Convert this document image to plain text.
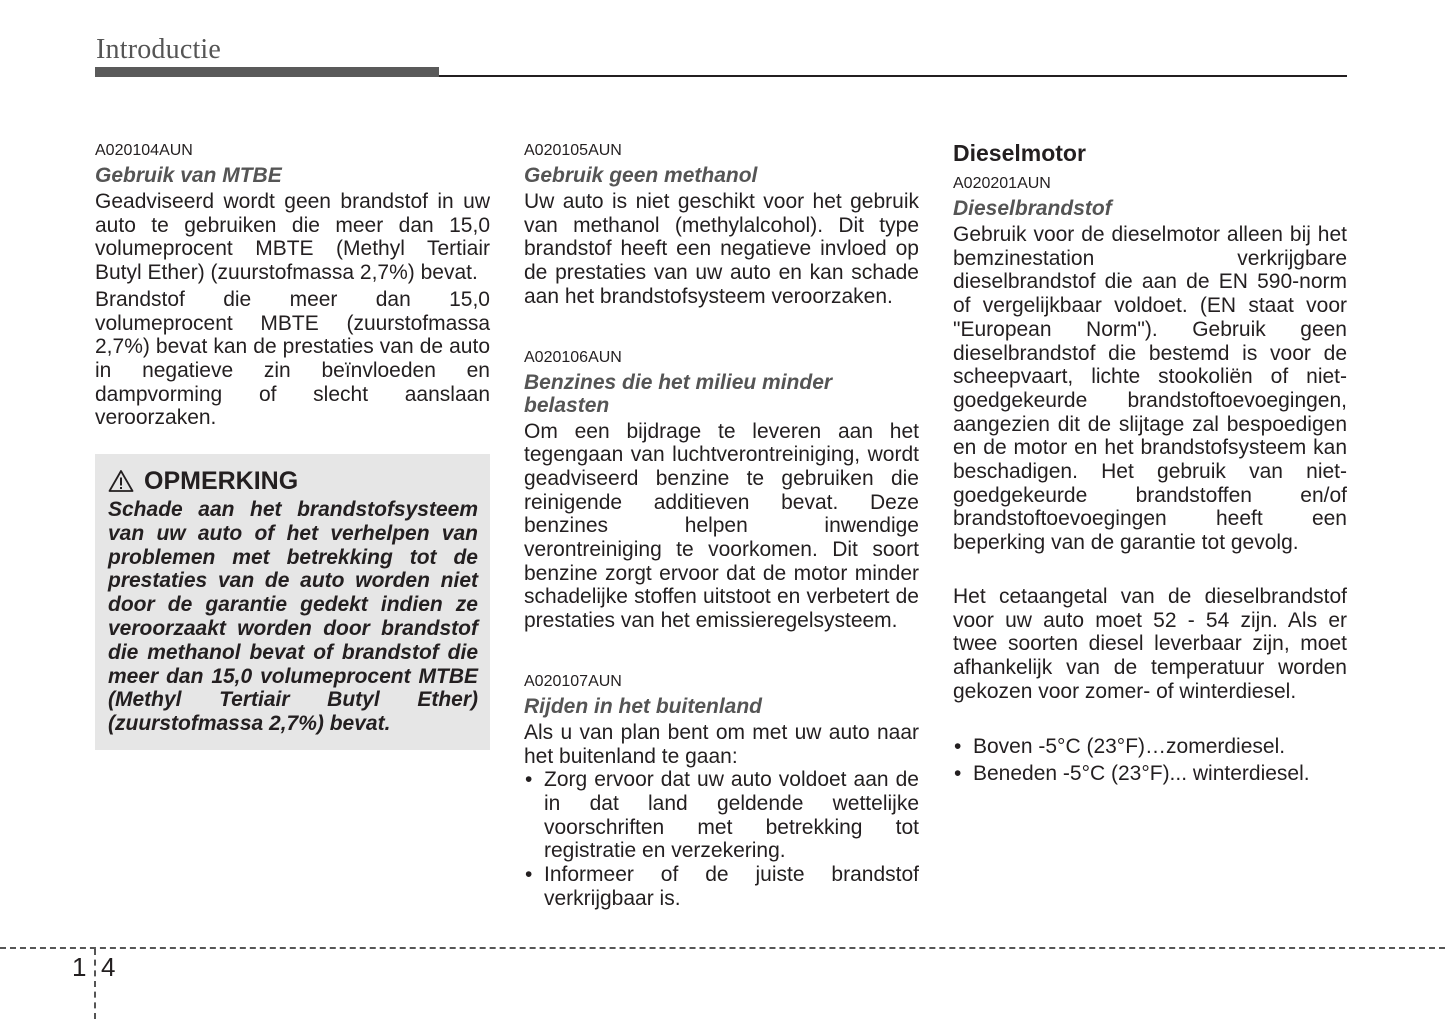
Introductie

A020104AUN

Gebruik van MTBE

Geadviseerd wordt geen brandstof in uw auto te gebruiken die meer dan 15,0 volumeprocent MBTE (Methyl Tertiair Butyl Ether) (zuurstofmassa 2,7%) bevat.

Brandstof die meer dan 15,0 volumeprocent MBTE (zuurstofmassa 2,7%) bevat kan de prestaties van de auto in negatieve zin beïnvloeden en dampvorming of slecht aanslaan veroorzaken.

OPMERKING

Schade aan het brandstofsysteem van uw auto of het verhelpen van problemen met betrekking tot de prestaties van de auto worden niet door de garantie gedekt indien ze veroorzaakt worden door brandstof die methanol bevat of brandstof die meer dan 15,0 volumeprocent MTBE (Methyl Tertiair Butyl Ether) (zuurstofmassa 2,7%) bevat.

A020105AUN

Gebruik geen methanol

Uw auto is niet geschikt voor het gebruik van methanol (methylalcohol). Dit type brandstof heeft een negatieve invloed op de prestaties van uw auto en kan schade aan het brandstofsysteem veroorzaken.

A020106AUN

Benzines die het milieu minder belasten

Om een bijdrage te leveren aan het tegengaan van luchtverontreiniging, wordt geadviseerd benzine te gebruiken die reinigende additieven bevat. Deze benzines helpen inwendige verontreiniging te voorkomen. Dit soort benzine zorgt ervoor dat de motor minder schadelijke stoffen uitstoot en verbetert de prestaties van het emissieregelsysteem.

A020107AUN

Rijden in het buitenland

Als u van plan bent om met uw auto naar het buitenland te gaan:

• Zorg ervoor dat uw auto voldoet aan de in dat land geldende wettelijke voorschriften met betrekking tot registratie en verzekering.
• Informeer of de juiste brandstof verkrijgbaar is.

Dieselmotor

A020201AUN

Dieselbrandstof

Gebruik voor de dieselmotor alleen bij het bemzinestation verkrijgbare dieselbrandstof die aan de EN 590-norm of vergelijkbaar voldoet. (EN staat voor "European Norm"). Gebruik geen dieselbrandstof die bestemd is voor de scheepvaart, lichte stookoliën of niet-goedgekeurde brandstoftoevoegingen, aangezien dit de slijtage zal bespoedigen en de motor en het brandstofsysteem kan beschadigen. Het gebruik van niet-goedgekeurde brandstoffen en/of brandstoftoevoegingen heeft een beperking van de garantie tot gevolg.

Het cetaangetal van de dieselbrandstof voor uw auto moet 52 - 54 zijn. Als er twee soorten diesel leverbaar zijn, moet afhankelijk van de temperatuur worden gekozen voor zomer- of winterdiesel.

• Boven -5°C (23°F)…zomerdiesel.
• Beneden -5°C (23°F)... winterdiesel.
1 4
